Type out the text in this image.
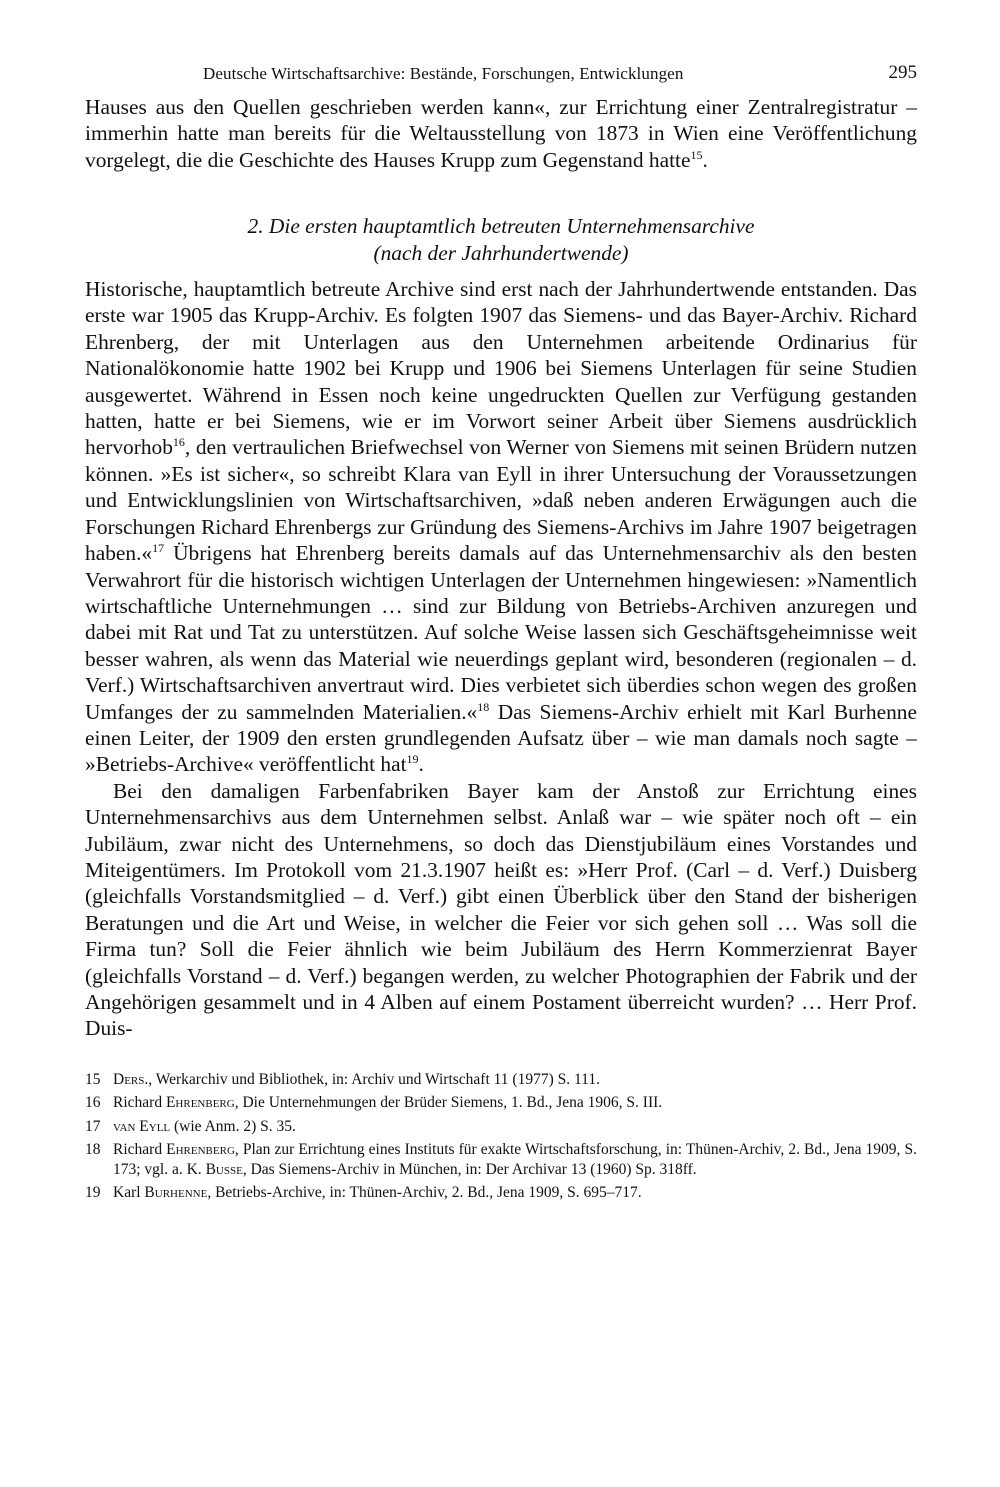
Deutsche Wirtschaftsarchive: Bestände, Forschungen, Entwicklungen	295

Hauses aus den Quellen geschrieben werden kann«, zur Errichtung einer Zentralregistratur – immerhin hatte man bereits für die Weltausstellung von 1873 in Wien eine Veröffentlichung vorgelegt, die die Geschichte des Hauses Krupp zum Gegenstand hatte$^{15}$.

2. Die ersten hauptamtlich betreuten Unternehmensarchive
(nach der Jahrhundertwende)

Historische, hauptamtlich betreute Archive sind erst nach der Jahrhundertwende entstanden. Das erste war 1905 das Krupp-Archiv. Es folgten 1907 das Siemens- und das Bayer-Archiv. Richard Ehrenberg, der mit Unterlagen aus den Unternehmen arbeitende Ordinarius für Nationalökonomie hatte 1902 bei Krupp und 1906 bei Siemens Unterlagen für seine Studien ausgewertet. Während in Essen noch keine ungedruckten Quellen zur Verfügung gestanden hatten, hatte er bei Siemens, wie er im Vorwort seiner Arbeit über Siemens ausdrücklich hervorhob$^{16}$, den vertraulichen Briefwechsel von Werner von Siemens mit seinen Brüdern nutzen können. »Es ist sicher«, so schreibt Klara van Eyll in ihrer Untersuchung der Voraussetzungen und Entwicklungslinien von Wirtschaftsarchiven, »daß neben anderen Erwägungen auch die Forschungen Richard Ehrenbergs zur Gründung des Siemens-Archivs im Jahre 1907 beigetragen haben.«$^{17}$ Übrigens hat Ehrenberg bereits damals auf das Unternehmensarchiv als den besten Verwahrort für die historisch wichtigen Unterlagen der Unternehmen hingewiesen: »Namentlich wirtschaftliche Unternehmungen … sind zur Bildung von Betriebs-Archiven anzuregen und dabei mit Rat und Tat zu unterstützen. Auf solche Weise lassen sich Geschäftsgeheimnisse weit besser wahren, als wenn das Material wie neuerdings geplant wird, besonderen (regionalen – d. Verf.) Wirtschaftsarchiven anvertraut wird. Dies verbietet sich überdies schon wegen des großen Umfanges der zu sammelnden Materialien.«$^{18}$ Das Siemens-Archiv erhielt mit Karl Burhenne einen Leiter, der 1909 den ersten grundlegenden Aufsatz über – wie man damals noch sagte – »Betriebs-Archive« veröffentlicht hat$^{19}$.

Bei den damaligen Farbenfabriken Bayer kam der Anstoß zur Errichtung eines Unternehmensarchivs aus dem Unternehmen selbst. Anlaß war – wie später noch oft – ein Jubiläum, zwar nicht des Unternehmens, so doch das Dienstjubiläum eines Vorstandes und Miteigentümers. Im Protokoll vom 21.3.1907 heißt es: »Herr Prof. (Carl – d. Verf.) Duisberg (gleichfalls Vorstandsmitglied – d. Verf.) gibt einen Überblick über den Stand der bisherigen Beratungen und die Art und Weise, in welcher die Feier vor sich gehen soll … Was soll die Firma tun? Soll die Feier ähnlich wie beim Jubiläum des Herrn Kommerzienrat Bayer (gleichfalls Vorstand – d. Verf.) begangen werden, zu welcher Photographien der Fabrik und der Angehörigen gesammelt und in 4 Alben auf einem Postament überreicht wurden? … Herr Prof. Duis-

15 Ders., Werkarchiv und Bibliothek, in: Archiv und Wirtschaft 11 (1977) S. 111.

16 Richard Ehrenberg, Die Unternehmungen der Brüder Siemens, 1. Bd., Jena 1906, S. III.

17 van Eyll (wie Anm. 2) S. 35.

18 Richard Ehrenberg, Plan zur Errichtung eines Instituts für exakte Wirtschaftsforschung, in: Thünen-Archiv, 2. Bd., Jena 1909, S. 173; vgl. a. K. Busse, Das Siemens-Archiv in München, in: Der Archivar 13 (1960) Sp. 318ff.

19 Karl Burhenne, Betriebs-Archive, in: Thünen-Archiv, 2. Bd., Jena 1909, S. 695–717.
